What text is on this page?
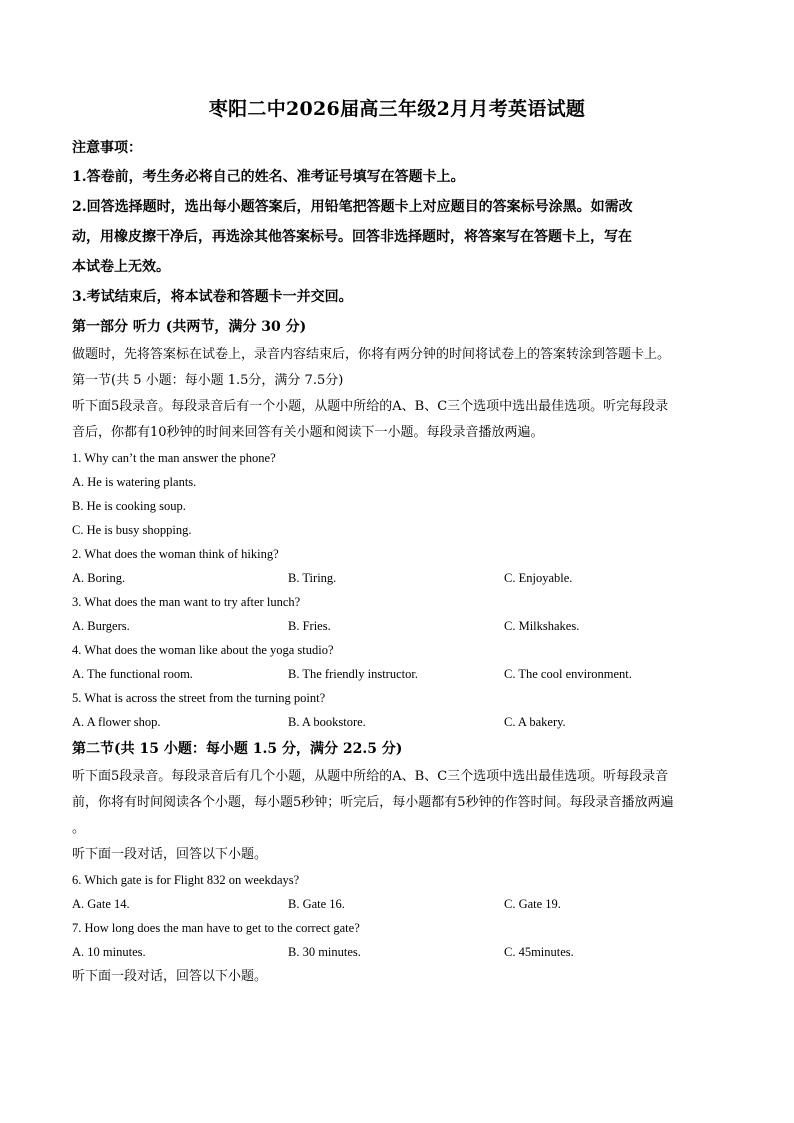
枣阳二中2026届高三年级2月月考英语试题
注意事项：
1.答卷前，考生务必将自己的姓名、准考证号填写在答题卡上。
2.回答选择题时，选出每小题答案后，用铅笔把答题卡上对应题目的答案标号涂黑。如需改
动，用橡皮擦干净后，再选涂其他答案标号。回答非选择题时，将答案写在答题卡上，写在
本试卷上无效。
3.考试结束后，将本试卷和答题卡一并交回。
第一部分 听力 (共两节，满分 30 分)
做题时，先将答案标在试卷上，录音内容结束后，你将有两分钟的时间将试卷上的答案转涂到答题卡上。
第一节(共 5 小题：每小题 1.5分，满分 7.5分)
听下面5段录音。每段录音后有一个小题，从题中所给的A、B、C三个选项中选出最佳选项。听完每段录
音后，你都有10秒钟的时间来回答有关小题和阅读下一小题。每段录音播放两遍。
1. Why can’t the man answer the phone?
A. He is watering plants.
B. He is cooking soup.
C. He is busy shopping.
2. What does the woman think of hiking?
A. Boring.	B. Tiring.	C. Enjoyable.
3. What does the man want to try after lunch?
A. Burgers.	B. Fries.	C. Milkshakes.
4. What does the woman like about the yoga studio?
A. The functional room.	B. The friendly instructor.	C. The cool environment.
5. What is across the street from the turning point?
A. A flower shop.	B. A bookstore.	C. A bakery.
第二节(共 15 小题：每小题 1.5 分，满分 22.5 分)
听下面5段录音。每段录音后有几个小题，从题中所给的A、B、C三个选项中选出最佳选项。听每段录音
前，你将有时间阅读各个小题，每小题5秒钟；听完后，每小题都有5秒钟的作答时间。每段录音播放两遍
。
听下面一段对话，回答以下小题。
6. Which gate is for Flight 832 on weekdays?
A. Gate 14.	B. Gate 16.	C. Gate 19.
7. How long does the man have to get to the correct gate?
A. 10 minutes.	B. 30 minutes.	C. 45minutes.
听下面一段对话，回答以下小题。
